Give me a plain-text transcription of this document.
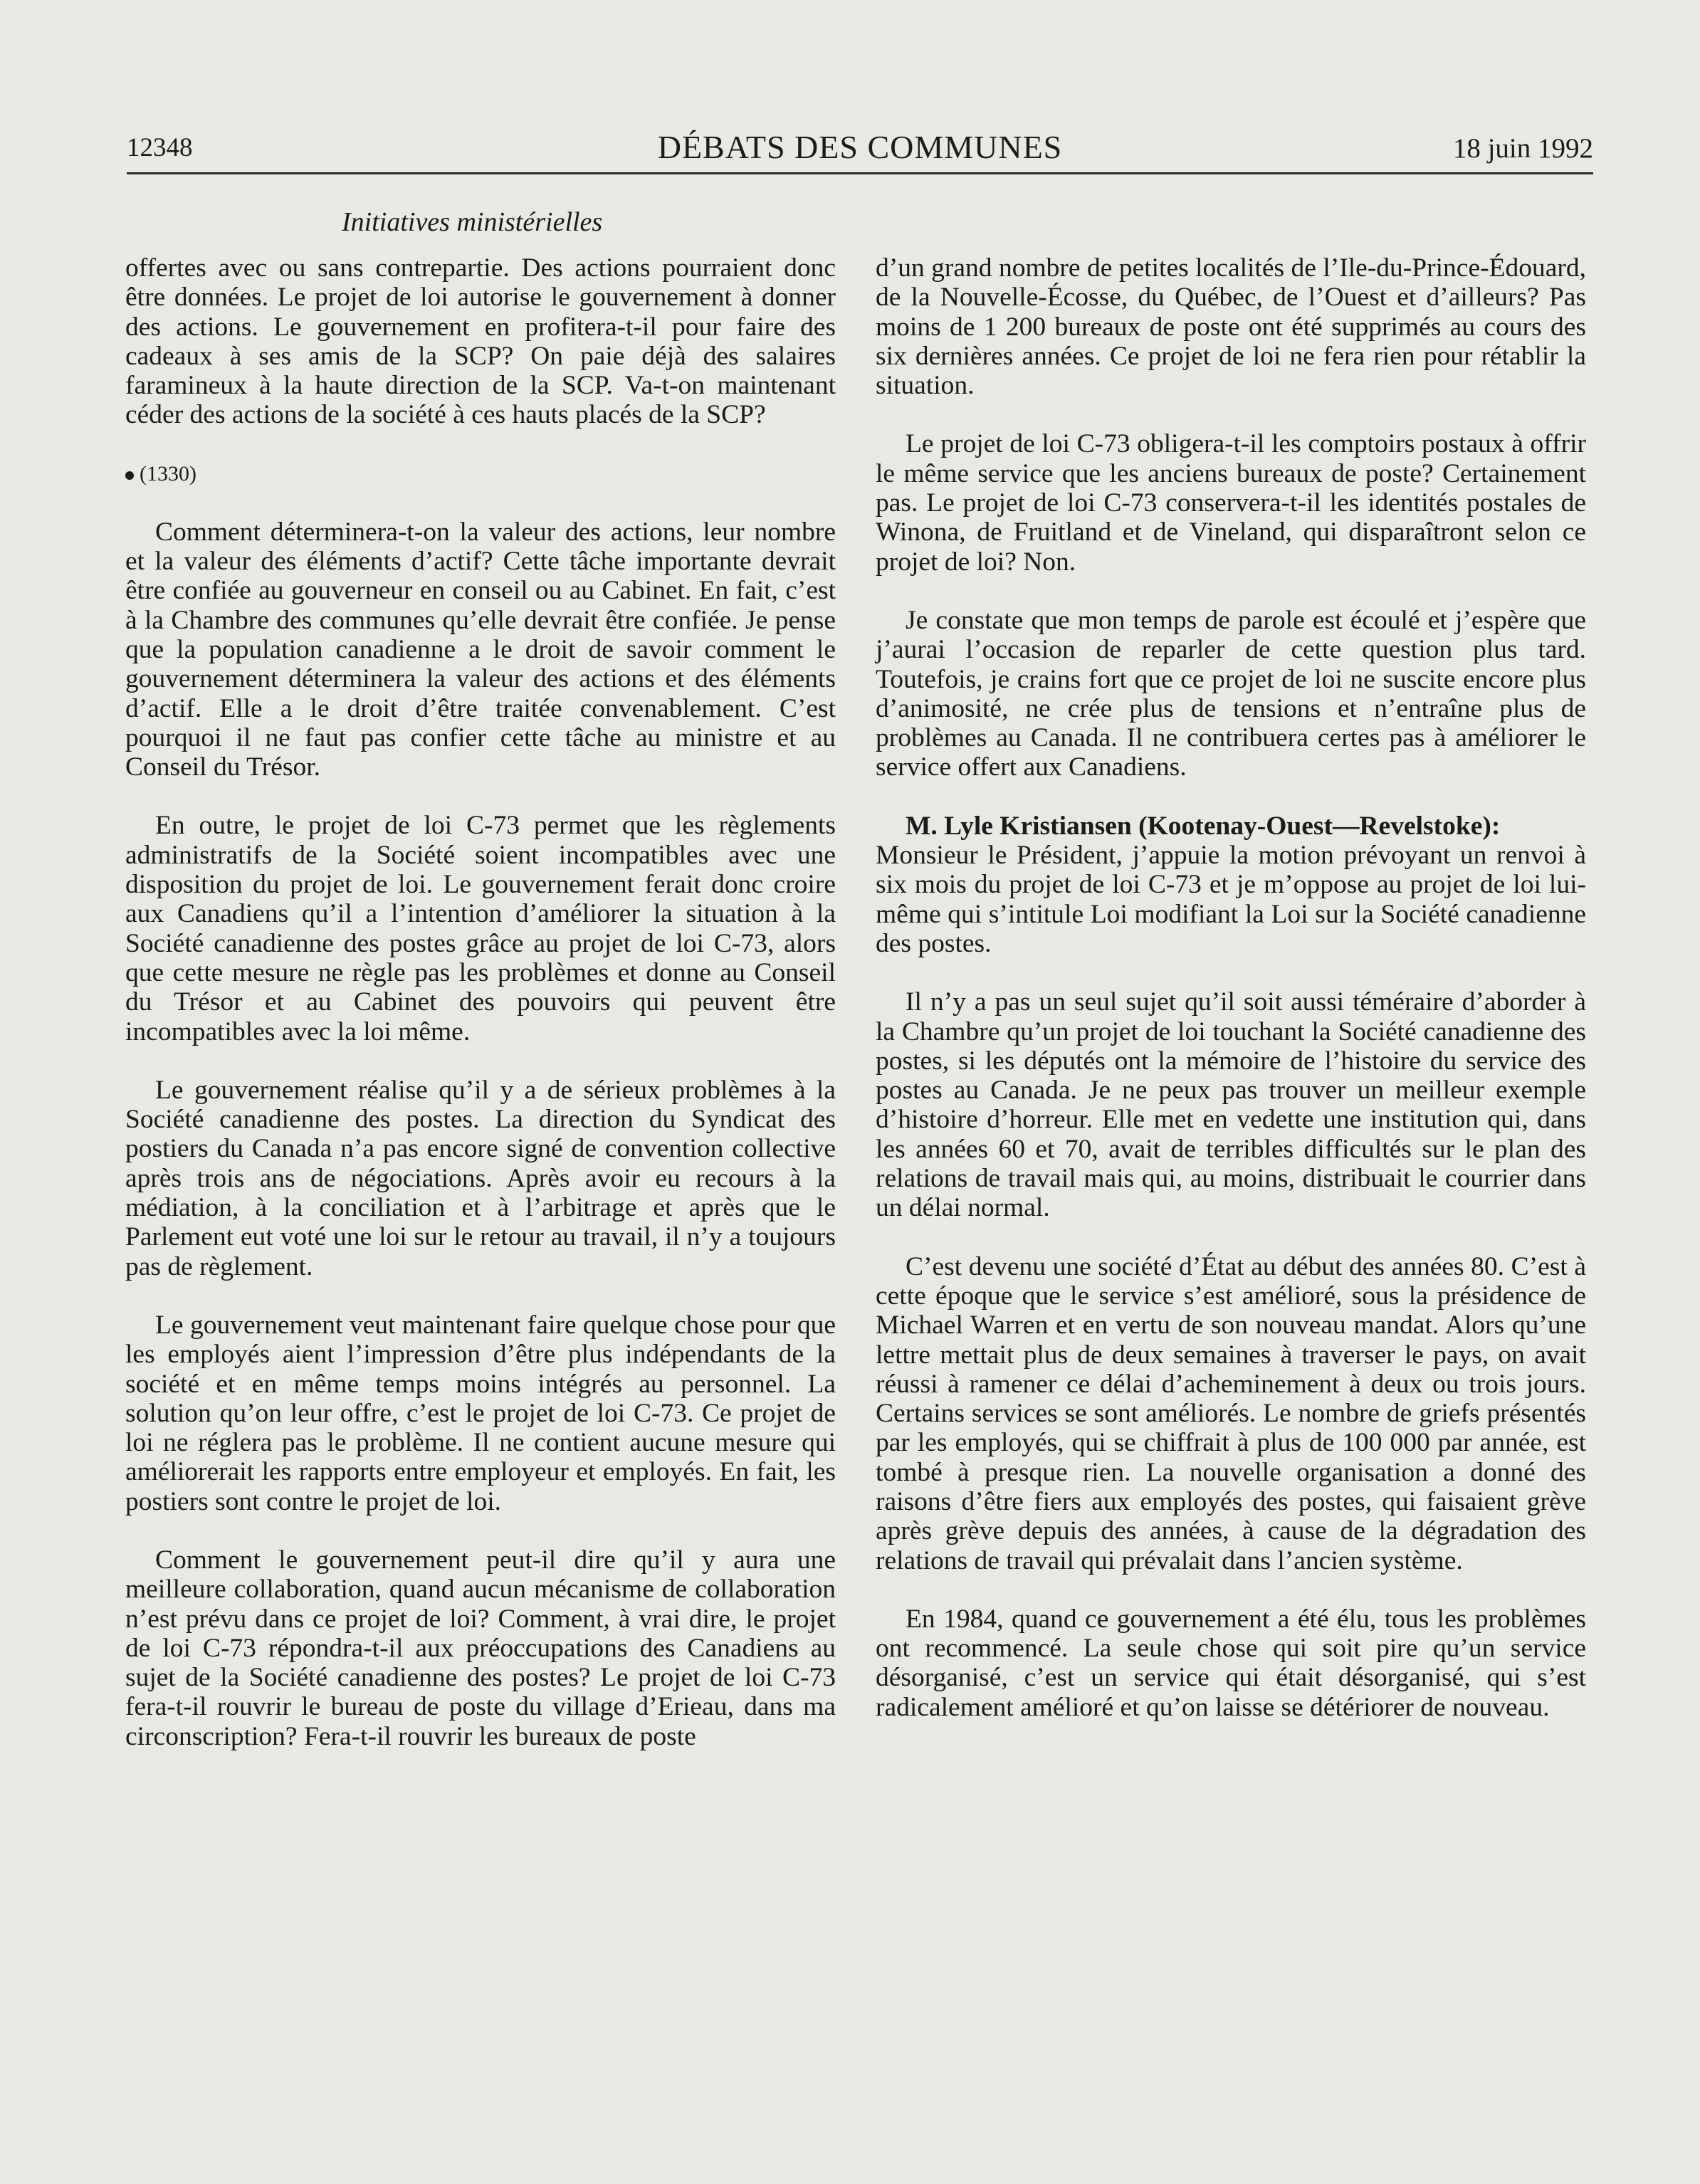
12348	DÉBATS DES COMMUNES	18 juin 1992
Initiatives ministérielles

offertes avec ou sans contrepartie. Des actions pourraient donc être données. Le projet de loi autorise le gouvernement à donner des actions. Le gouvernement en profitera-t-il pour faire des cadeaux à ses amis de la SCP? On paie déjà des salaires faramineux à la haute direction de la SCP. Va-t-on maintenant céder des actions de la société à ces hauts placés de la SCP?

(1330)

Comment déterminera-t-on la valeur des actions, leur nombre et la valeur des éléments d’actif? Cette tâche importante devrait être confiée au gouverneur en conseil ou au Cabinet. En fait, c’est à la Chambre des communes qu’elle devrait être confiée. Je pense que la population canadienne a le droit de savoir comment le gouvernement déterminera la valeur des actions et des éléments d’actif. Elle a le droit d’être traitée convenablement. C’est pourquoi il ne faut pas confier cette tâche au ministre et au Conseil du Trésor.

En outre, le projet de loi C-73 permet que les règlements administratifs de la Société soient incompatibles avec une disposition du projet de loi. Le gouvernement ferait donc croire aux Canadiens qu’il a l’intention d’améliorer la situation à la Société canadienne des postes grâce au projet de loi C-73, alors que cette mesure ne règle pas les problèmes et donne au Conseil du Trésor et au Cabinet des pouvoirs qui peuvent être incompatibles avec la loi même.

Le gouvernement réalise qu’il y a de sérieux problèmes à la Société canadienne des postes. La direction du Syndicat des postiers du Canada n’a pas encore signé de convention collective après trois ans de négociations. Après avoir eu recours à la médiation, à la conciliation et à l’arbitrage et après que le Parlement eut voté une loi sur le retour au travail, il n’y a toujours pas de règlement.

Le gouvernement veut maintenant faire quelque chose pour que les employés aient l’impression d’être plus indépendants de la société et en même temps moins intégrés au personnel. La solution qu’on leur offre, c’est le projet de loi C-73. Ce projet de loi ne réglera pas le problème. Il ne contient aucune mesure qui améliorerait les rapports entre employeur et employés. En fait, les postiers sont contre le projet de loi.

Comment le gouvernement peut-il dire qu’il y aura une meilleure collaboration, quand aucun mécanisme de collaboration n’est prévu dans ce projet de loi? Comment, à vrai dire, le projet de loi C-73 répondra-t-il aux préoccupations des Canadiens au sujet de la Société canadienne des postes? Le projet de loi C-73 fera-t-il rouvrir le bureau de poste du village d’Erieau, dans ma circonscription? Fera-t-il rouvrir les bureaux de poste

d’un grand nombre de petites localités de l’Ile-du-Prince-Édouard, de la Nouvelle-Écosse, du Québec, de l’Ouest et d’ailleurs? Pas moins de 1 200 bureaux de poste ont été supprimés au cours des six dernières années. Ce projet de loi ne fera rien pour rétablir la situation.

Le projet de loi C-73 obligera-t-il les comptoirs postaux à offrir le même service que les anciens bureaux de poste? Certainement pas. Le projet de loi C-73 conservera-t-il les identités postales de Winona, de Fruitland et de Vineland, qui disparaîtront selon ce projet de loi? Non.

Je constate que mon temps de parole est écoulé et j’espère que j’aurai l’occasion de reparler de cette question plus tard. Toutefois, je crains fort que ce projet de loi ne suscite encore plus d’animosité, ne crée plus de tensions et n’entraîne plus de problèmes au Canada. Il ne contribuera certes pas à améliorer le service offert aux Canadiens.

M. Lyle Kristiansen (Kootenay-Ouest—Revelstoke):
Monsieur le Président, j’appuie la motion prévoyant un renvoi à six mois du projet de loi C-73 et je m’oppose au projet de loi lui-même qui s’intitule Loi modifiant la Loi sur la Société canadienne des postes.

Il n’y a pas un seul sujet qu’il soit aussi téméraire d’aborder à la Chambre qu’un projet de loi touchant la Société canadienne des postes, si les députés ont la mémoire de l’histoire du service des postes au Canada. Je ne peux pas trouver un meilleur exemple d’histoire d’horreur. Elle met en vedette une institution qui, dans les années 60 et 70, avait de terribles difficultés sur le plan des relations de travail mais qui, au moins, distribuait le courrier dans un délai normal.

C’est devenu une société d’État au début des années 80. C’est à cette époque que le service s’est amélioré, sous la présidence de Michael Warren et en vertu de son nouveau mandat. Alors qu’une lettre mettait plus de deux semaines à traverser le pays, on avait réussi à ramener ce délai d’acheminement à deux ou trois jours. Certains services se sont améliorés. Le nombre de griefs présentés par les employés, qui se chiffrait à plus de 100 000 par année, est tombé à presque rien. La nouvelle organisation a donné des raisons d’être fiers aux employés des postes, qui faisaient grève après grève depuis des années, à cause de la dégradation des relations de travail qui prévalait dans l’ancien système.

En 1984, quand ce gouvernement a été élu, tous les problèmes ont recommencé. La seule chose qui soit pire qu’un service désorganisé, c’est un service qui était désorganisé, qui s’est radicalement amélioré et qu’on laisse se détériorer de nouveau.
